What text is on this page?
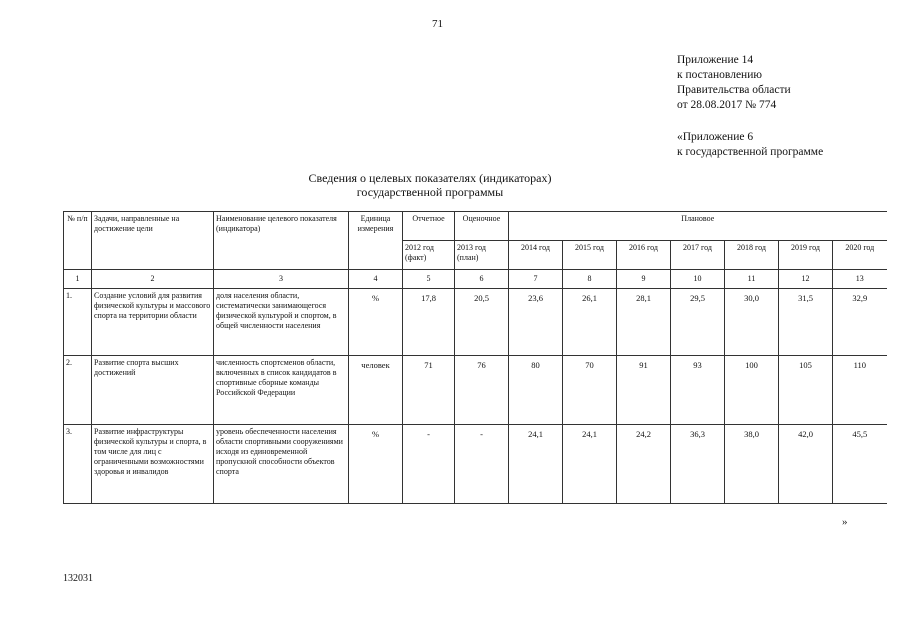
71
Приложение 14
к постановлению
Правительства области
от 28.08.2017 № 774
«Приложение 6
к государственной программе
Сведения о целевых показателях (индикаторах)
государственной программы
№ п/п	Задачи, направленные на достижение цели	Наименование целевого показателя (индикатора)	Единица измерения	Отчетное	Оценочное	Плановое						
				2012 год (факт)	2013 год (план)	2014 год	2015 год	2016 год	2017 год	2018 год	2019 год	2020 год
1	2	3	4	5	6	7	8	9	10	11	12	13
1.	Создание условий для развития физической культуры и массового спорта на территории области	доля населения области, систематически занимающегося физической культурой и спортом, в общей численности населения	%	17,8	20,5	23,6	26,1	28,1	29,5	30,0	31,5	32,9
2.	Развитие спорта высших достижений	численность спортсменов области, включенных в список кандидатов в спортивные сборные команды Российской Федерации	человек	71	76	80	70	91	93	100	105	110
3.	Развитие инфраструктуры физической культуры и спорта, в том числе для лиц с ограниченными возможностями здоровья и инвалидов	уровень обеспеченности населения области спортивными сооружениями исходя из единовременной пропускной способности объектов спорта	%	-	-	24,1	24,1	24,2	36,3	38,0	42,0	45,5
»
132031
